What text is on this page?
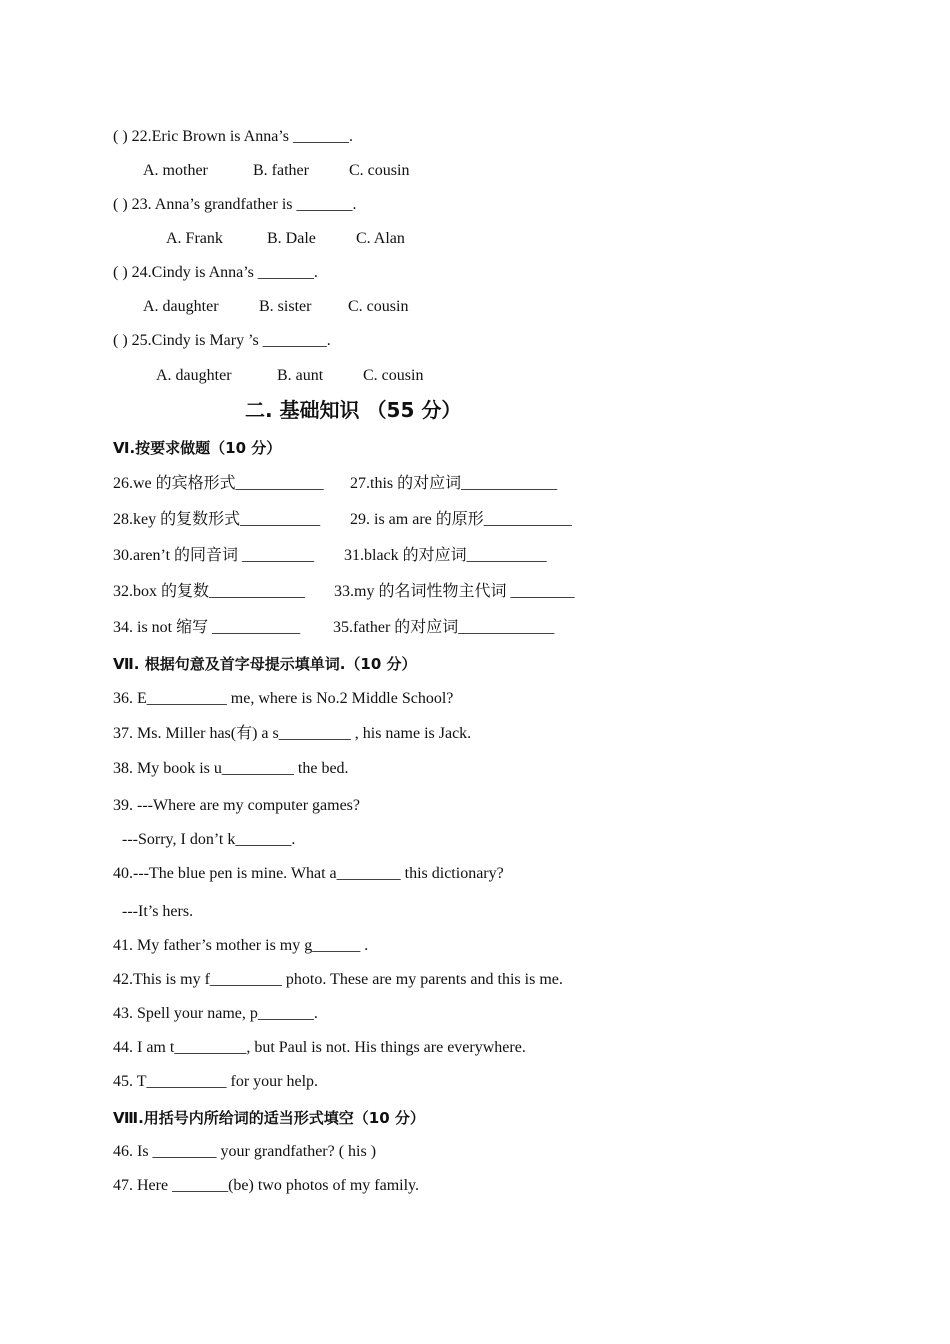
( ) 22.Eric Brown is Anna’s _______.
A. mother	B. father	C. cousin
( ) 23. Anna’s grandfather is _______.
A. Frank	B. Dale	C. Alan
( ) 24.Cindy is Anna’s _______.
A. daughter	B. sister C. cousin
( ) 25.Cindy is Mary ’s ________.
A. daughter	B. aunt C. cousin
二. 基础知识 （55 分）
Ⅵ.按要求做题（10 分）
26.we 的宾格形式___________ 27.this 的对应词____________
28.key 的复数形式__________ 29. is am are 的原形___________
30.aren’t 的同音词 _________ 31.black 的对应词__________
32.box 的复数____________ 33.my 的名词性物主代词 ________
34. is not 缩写 ___________ 35.father 的对应词____________
Ⅶ. 根据句意及首字母提示填单词.（10 分）
36. E__________ me, where is No.2 Middle School?
37. Ms. Miller has(有) a s_________ , his name is Jack.
38. My book is u_________ the bed.
39. ---Where are my computer games?
---Sorry, I don’t k_______.
40.---The blue pen is mine. What a________ this dictionary?
---It’s hers.
41. My father’s mother is my g______ .
42.This is my f_________ photo. These are my parents and this is me.
43. Spell your name, p_______.
44. I am t_________, but Paul is not. His things are everywhere.
45. T__________ for your help.
Ⅷ.用括号内所给词的适当形式填空（10 分）
46. Is ________ your grandfather? ( his )
47. Here _______(be) two photos of my family.
